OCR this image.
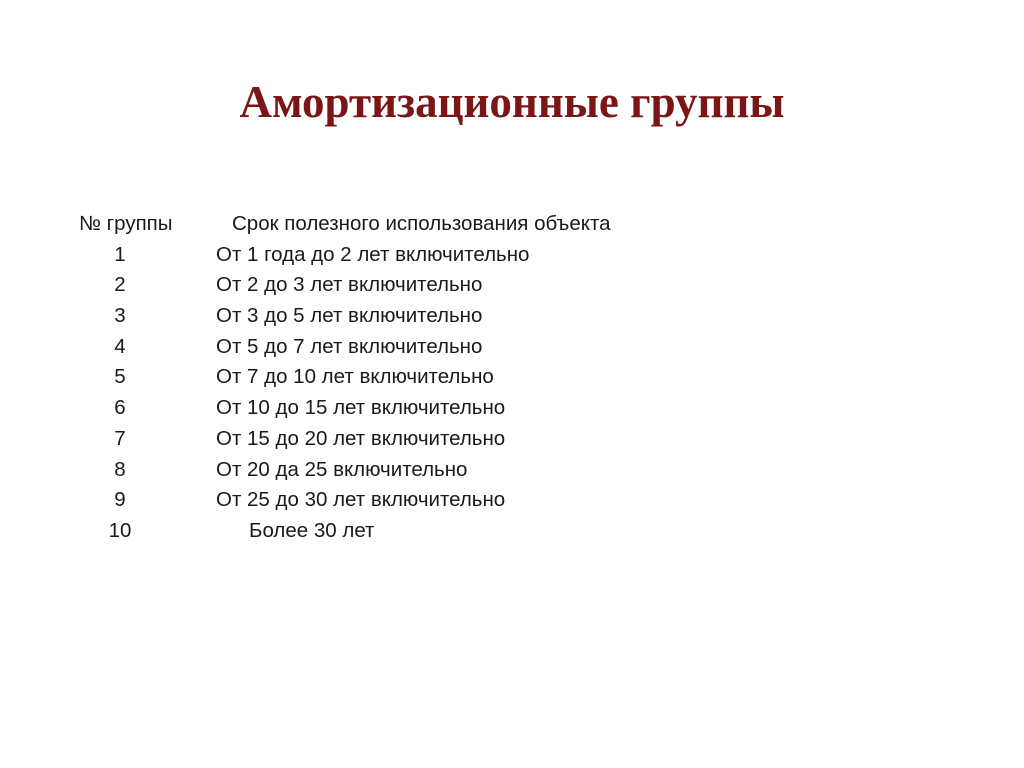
Амортизационные группы
№ группы	Срок полезного использования объекта
1	От 1 года до 2 лет включительно
2	От 2 до 3 лет включительно
3	От 3 до 5 лет включительно
4	От 5 до 7 лет включительно
5	От 7 до 10 лет включительно
6	От 10 до 15 лет включительно
7	От 15 до 20 лет включительно
8	От 20 да 25 включительно
9	От 25 до 30 лет включительно
10	Более 30 лет
